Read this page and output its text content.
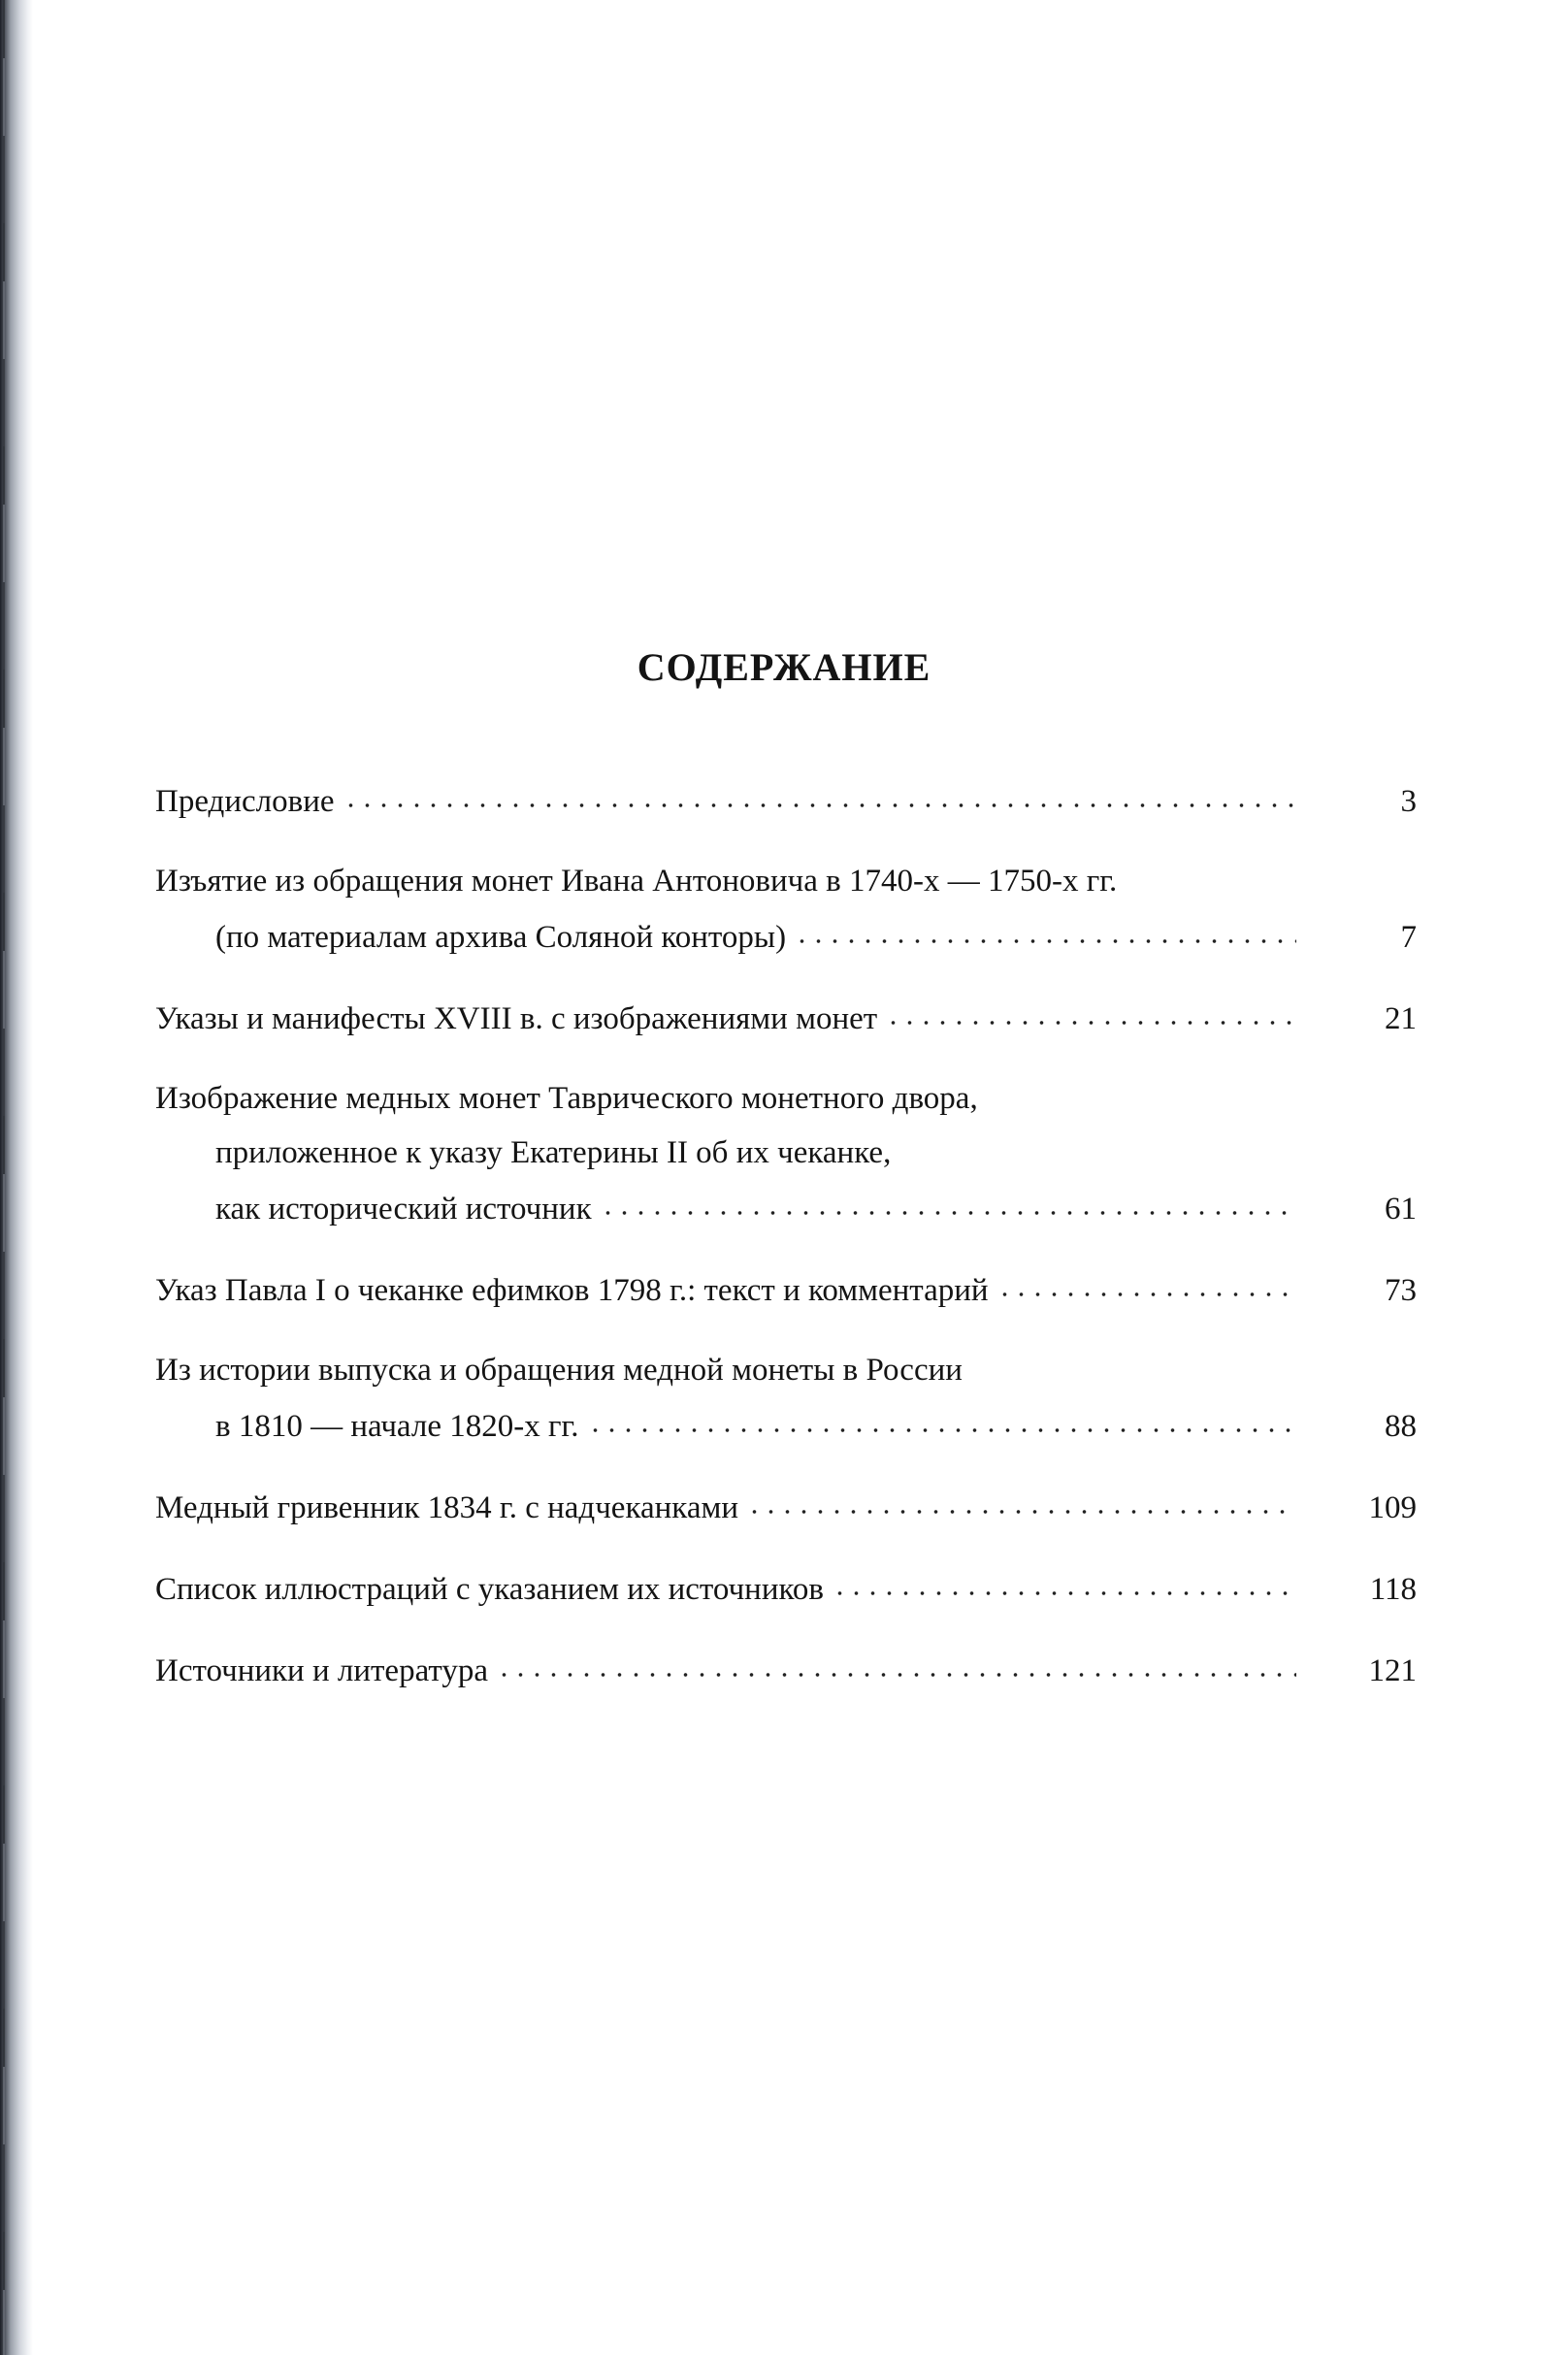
СОДЕРЖАНИЕ
Предисловие	3
Изъятие из обращения монет Ивана Антоновича в 1740-х — 1750-х гг.
(по материалам архива Соляной конторы)	7
Указы и манифесты XVIII в. с изображениями монет	21
Изображение медных монет Таврического монетного двора,
приложенное к указу Екатерины II об их чеканке,
как исторический источник	61
Указ Павла I о чеканке ефимков 1798 г.: текст и комментарий	73
Из истории выпуска и обращения медной монеты в России
в 1810 — начале 1820-х гг.	88
Медный гривенник 1834 г. с надчеканками	109
Список иллюстраций с указанием их источников	118
Источники и литература	121
